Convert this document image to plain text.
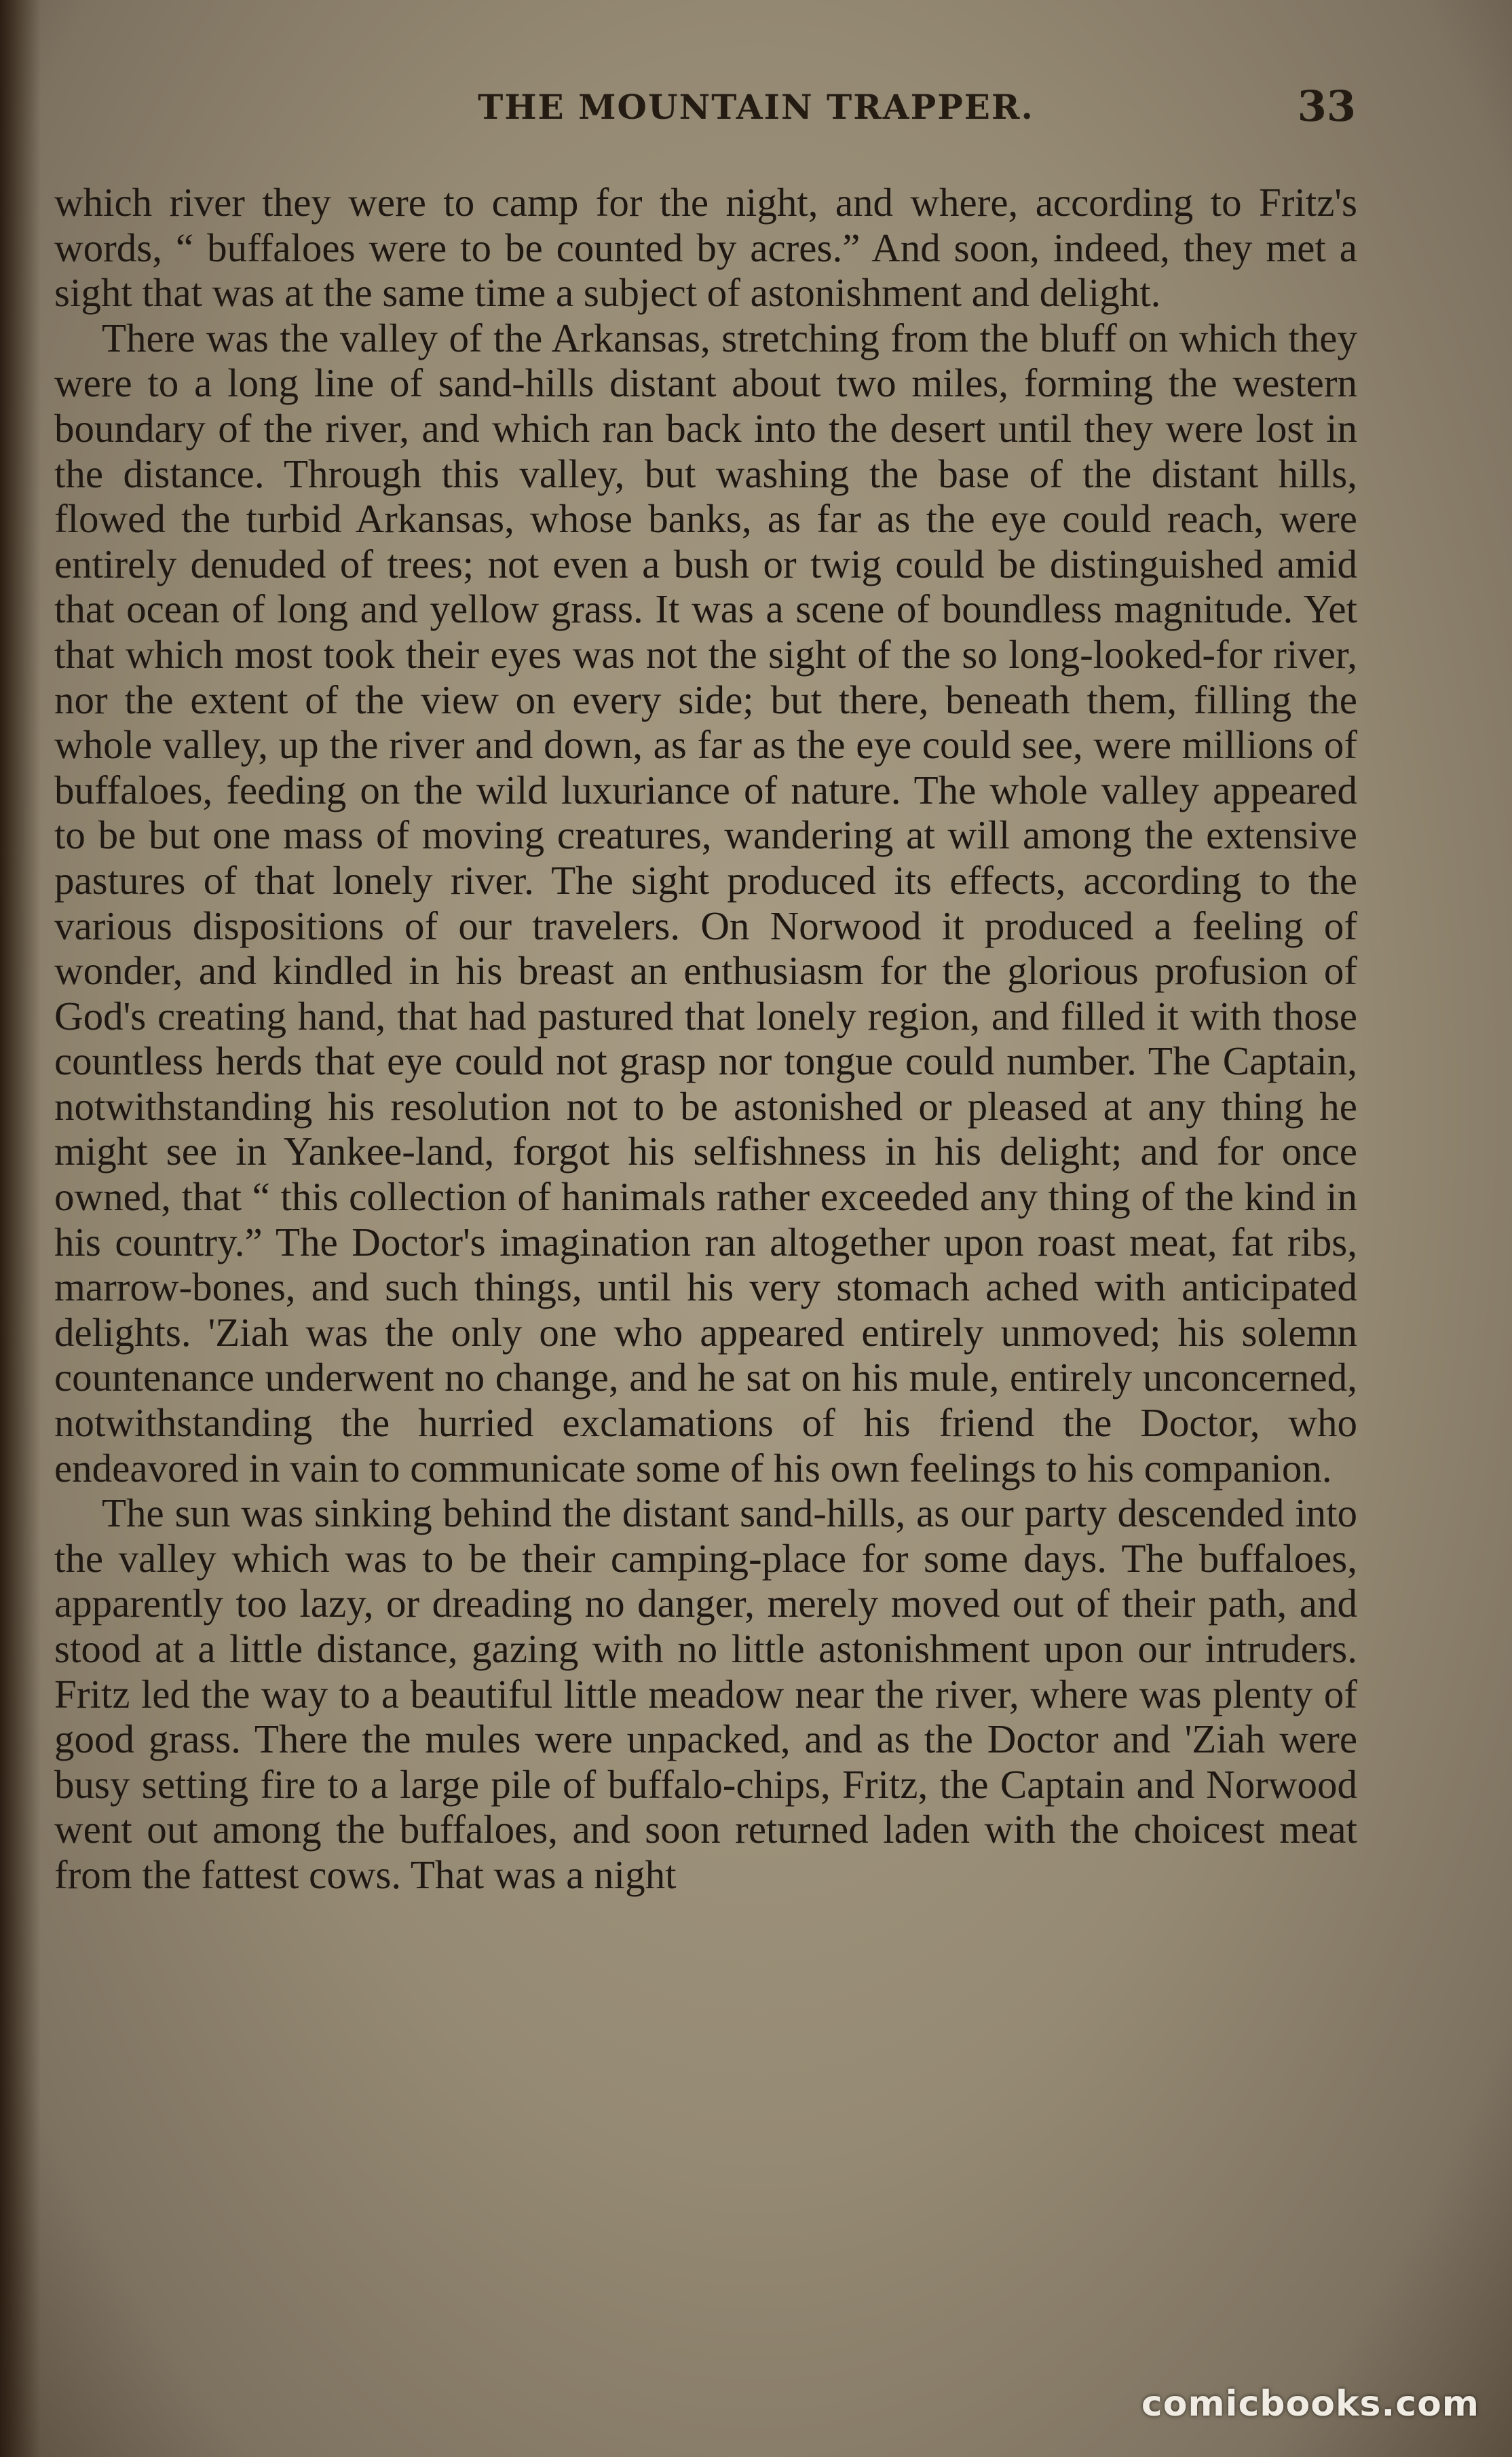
THE MOUNTAIN TRAPPER.	33

which river they were to camp for the night, and where, according to Fritz's words, “ buffaloes were to be counted by acres.” And soon, indeed, they met a sight that was at the same time a subject of astonishment and delight.

There was the valley of the Arkansas, stretching from the bluff on which they were to a long line of sand-hills distant about two miles, forming the western boundary of the river, and which ran back into the desert until they were lost in the distance. Through this valley, but washing the base of the distant hills, flowed the turbid Arkansas, whose banks, as far as the eye could reach, were entirely denuded of trees; not even a bush or twig could be distinguished amid that ocean of long and yellow grass. It was a scene of boundless magnitude. Yet that which most took their eyes was not the sight of the so long-looked-for river, nor the extent of the view on every side; but there, beneath them, filling the whole valley, up the river and down, as far as the eye could see, were millions of buffaloes, feeding on the wild luxuriance of nature. The whole valley appeared to be but one mass of moving creatures, wandering at will among the extensive pastures of that lonely river. The sight produced its effects, according to the various dispositions of our travelers. On Norwood it produced a feeling of wonder, and kindled in his breast an enthusiasm for the glorious profusion of God's creating hand, that had pastured that lonely region, and filled it with those countless herds that eye could not grasp nor tongue could number. The Captain, notwithstanding his resolution not to be astonished or pleased at any thing he might see in Yankee-land, forgot his selfishness in his delight; and for once owned, that “ this collection of hanimals rather exceeded any thing of the kind in his country.” The Doctor's imagination ran altogether upon roast meat, fat ribs, marrow-bones, and such things, until his very stomach ached with anticipated delights. 'Ziah was the only one who appeared entirely unmoved; his solemn countenance underwent no change, and he sat on his mule, entirely unconcerned, notwithstanding the hurried exclamations of his friend the Doctor, who endeavored in vain to communicate some of his own feelings to his companion.

The sun was sinking behind the distant sand-hills, as our party descended into the valley which was to be their camping-place for some days. The buffaloes, apparently too lazy, or dreading no danger, merely moved out of their path, and stood at a little distance, gazing with no little astonishment upon our intruders. Fritz led the way to a beautiful little meadow near the river, where was plenty of good grass. There the mules were unpacked, and as the Doctor and 'Ziah were busy setting fire to a large pile of buffalo-chips, Fritz, the Captain and Norwood went out among the buffaloes, and soon returned laden with the choicest meat from the fattest cows. That was a night

comicbooks.com
